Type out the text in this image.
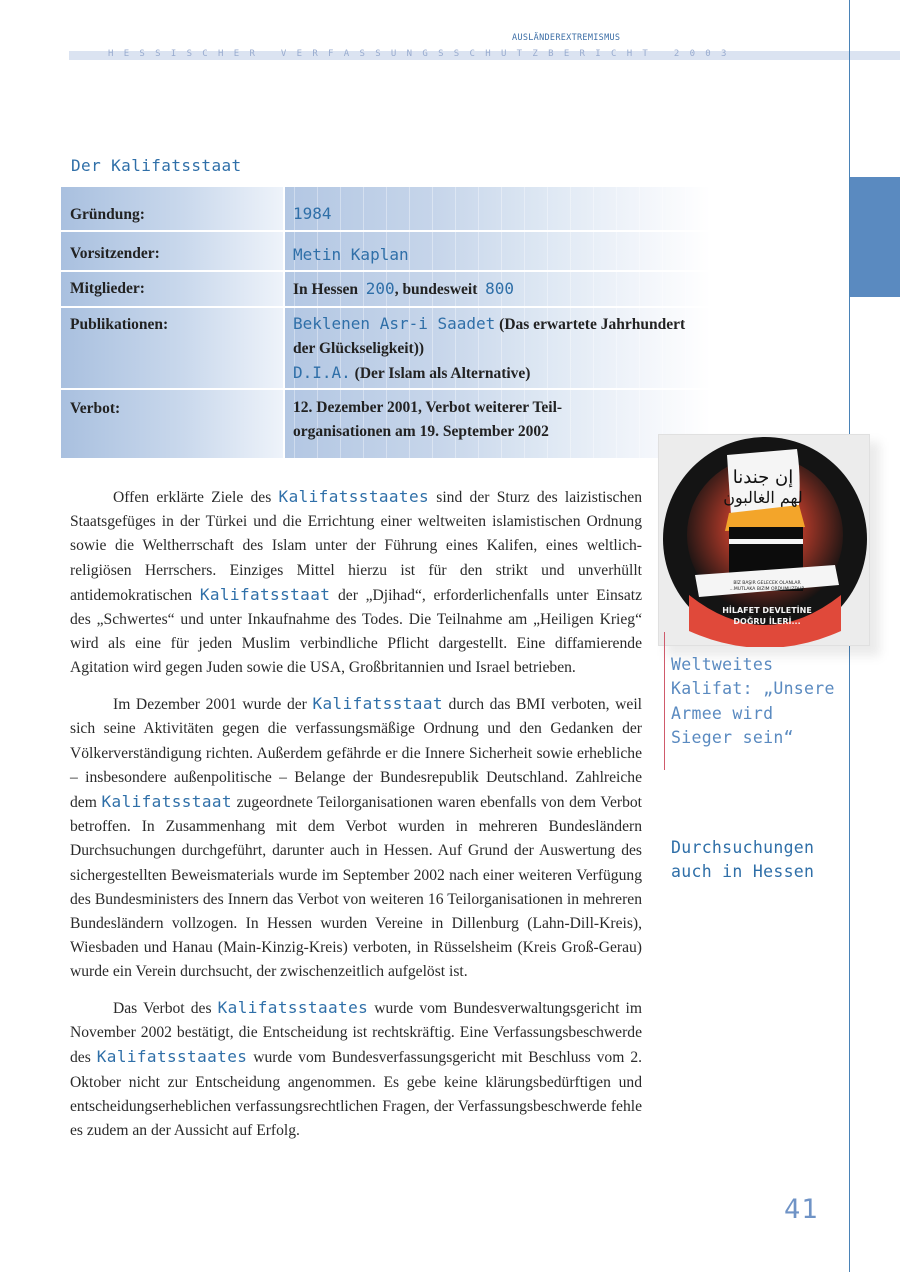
AUSLÄNDEREXTREMISMUS
HESSISCHER VERFASSUNGSSCHUTZBERICHT 2003
Der Kalifatsstaat
Gründung:	1984
Vorsitzender:	Metin Kaplan
Mitglieder:	In Hessen 200, bundesweit 800
Publikationen:	Beklenen Asr-i Saadet (Das erwartete Jahrhundert der Glückseligkeit))
D.I.A. (Der Islam als Alternative)
Verbot:	12. Dezember 2001, Verbot weiterer Teil-organisationen am 19. September 2002

Offen erklärte Ziele des Kalifatsstaates sind der Sturz des laizistischen Staatsgefüges in der Türkei und die Errichtung einer weltweiten islamistischen Ordnung sowie die Weltherrschaft des Islam unter der Führung eines Kalifen, eines weltlich-religiösen Herrschers. Einziges Mittel hierzu ist für den strikt und unverhüllt antidemokratischen Kalifatsstaat der „Djihad“, erforderlichenfalls unter Einsatz des „Schwertes“ und unter Inkaufnahme des Todes. Die Teilnahme am „Heiligen Krieg“ wird als eine für jeden Muslim verbindliche Pflicht dargestellt. Eine diffamierende Agitation wird gegen Juden sowie die USA, Großbritannien und Israel betrieben.

Im Dezember 2001 wurde der Kalifatsstaat durch das BMI verboten, weil sich seine Aktivitäten gegen die verfassungsmäßige Ordnung und den Gedanken der Völkerverständigung richten. Außerdem gefährde er die Innere Sicherheit sowie erhebliche – insbesondere außenpolitische – Belange der Bundesrepublik Deutschland. Zahlreiche dem Kalifatsstaat zugeordnete Teilorganisationen waren ebenfalls von dem Verbot betroffen. In Zusammenhang mit dem Verbot wurden in mehreren Bundesländern Durchsuchungen durchgeführt, darunter auch in Hessen. Auf Grund der Auswertung des sichergestellten Beweismaterials wurde im September 2002 nach einer weiteren Verfügung des Bundesministers des Innern das Verbot von weiteren 16 Teilorganisationen in mehreren Bundesländern vollzogen. In Hessen wurden Vereine in Dillenburg (Lahn-Dill-Kreis), Wiesbaden und Hanau (Main-Kinzig-Kreis) verboten, in Rüsselsheim (Kreis Groß-Gerau) wurde ein Verein durchsucht, der zwischenzeitlich aufgelöst ist.

Das Verbot des Kalifatsstaates wurde vom Bundesverwaltungsgericht im November 2002 bestätigt, die Entscheidung ist rechtskräftig. Eine Verfassungsbeschwerde des Kalifatsstaates wurde vom Bundesverfassungsgericht mit Beschluss vom 2. Oktober nicht zur Entscheidung angenommen. Es gebe keine klärungsbedürftigen und entscheidungserheblichen verfassungsrechtlichen Fragen, der Verfassungsbeschwerde fehle es zudem an der Aussicht auf Erfolg.

إن جندنا
لهم الغالبون
BİZ BAŞIR GELECEK OLANLAR
...MUTLAKA BIZIM ORDUMUZDUR
HİLAFET DEVLETİNE
DOĞRU İLERİ...
Weltweites Kalifat: „Unsere Armee wird Sieger sein“
Durchsuchungen auch in Hessen
41
